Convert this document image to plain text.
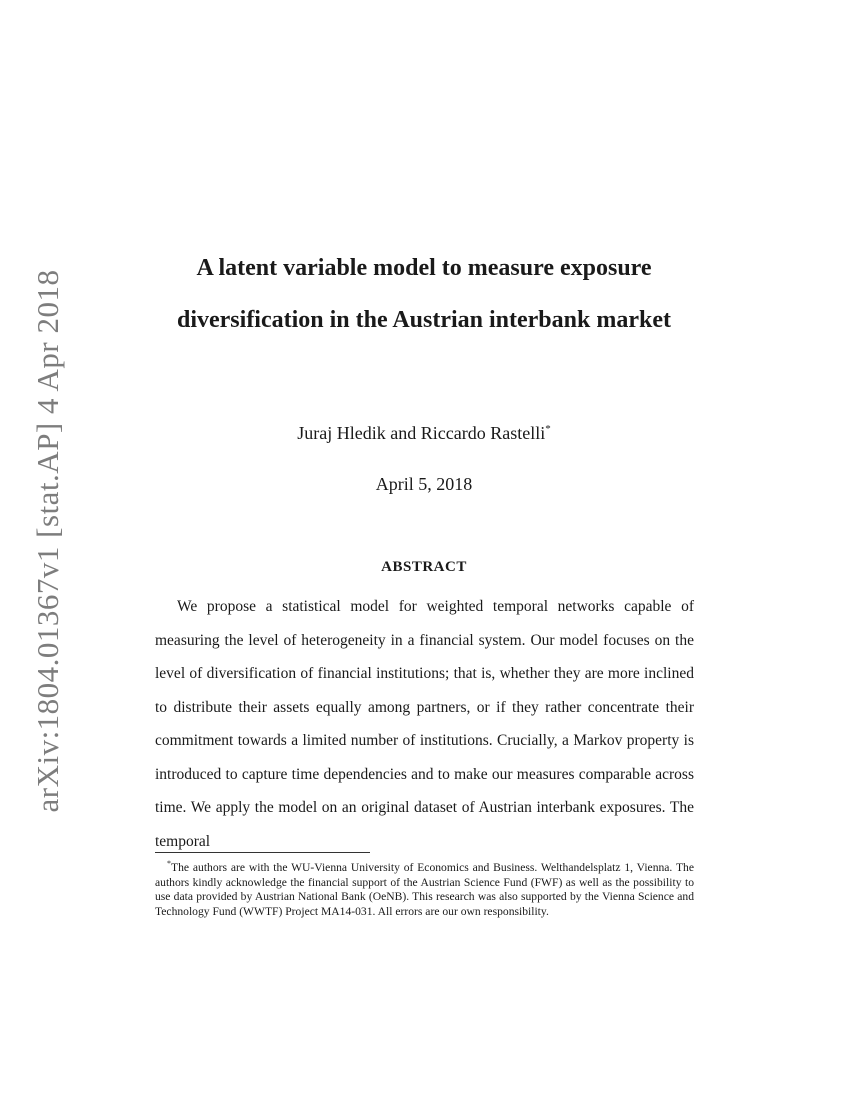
arXiv:1804.01367v1 [stat.AP] 4 Apr 2018
A latent variable model to measure exposure diversification in the Austrian interbank market
Juraj Hledik and Riccardo Rastelli*
April 5, 2018
ABSTRACT

We propose a statistical model for weighted temporal networks capable of measuring the level of heterogeneity in a financial system. Our model focuses on the level of diversification of financial institutions; that is, whether they are more inclined to distribute their assets equally among partners, or if they rather concentrate their commitment towards a limited number of institutions. Crucially, a Markov property is introduced to capture time dependencies and to make our measures comparable across time. We apply the model on an original dataset of Austrian interbank exposures. The temporal

*The authors are with the WU-Vienna University of Economics and Business. Welthandelsplatz 1, Vienna. The authors kindly acknowledge the financial support of the Austrian Science Fund (FWF) as well as the possibility to use data provided by Austrian National Bank (OeNB). This research was also supported by the Vienna Science and Technology Fund (WWTF) Project MA14-031. All errors are our own responsibility.
